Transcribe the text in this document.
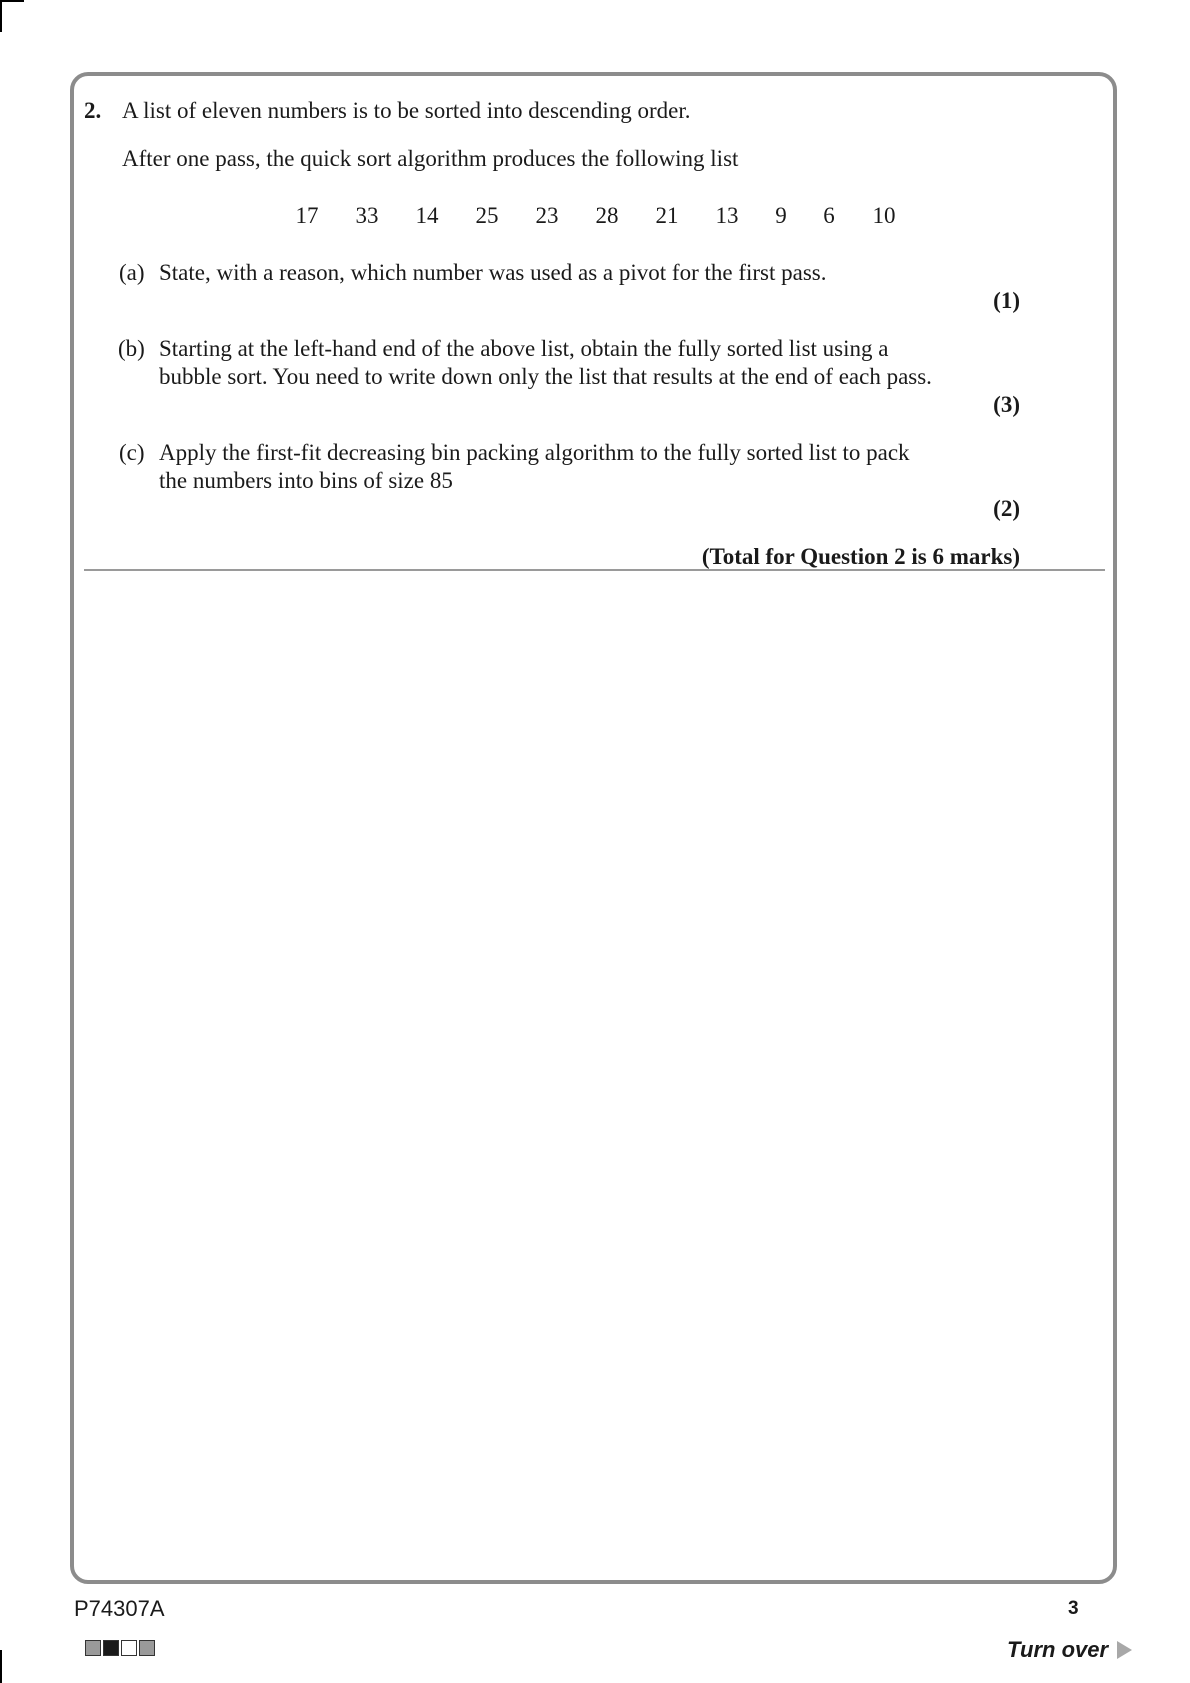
2. A list of eleven numbers is to be sorted into descending order.
After one pass, the quick sort algorithm produces the following list
17 33 14 25 23 28 21 13 9 6 10
(a) State, with a reason, which number was used as a pivot for the first pass.
(1)
(b) Starting at the left-hand end of the above list, obtain the fully sorted list using a
bubble sort. You need to write down only the list that results at the end of each pass.
(3)
(c) Apply the first-fit decreasing bin packing algorithm to the fully sorted list to pack
the numbers into bins of size 85
(2)
(Total for Question 2 is 6 marks)
P74307A	3
Turn over
